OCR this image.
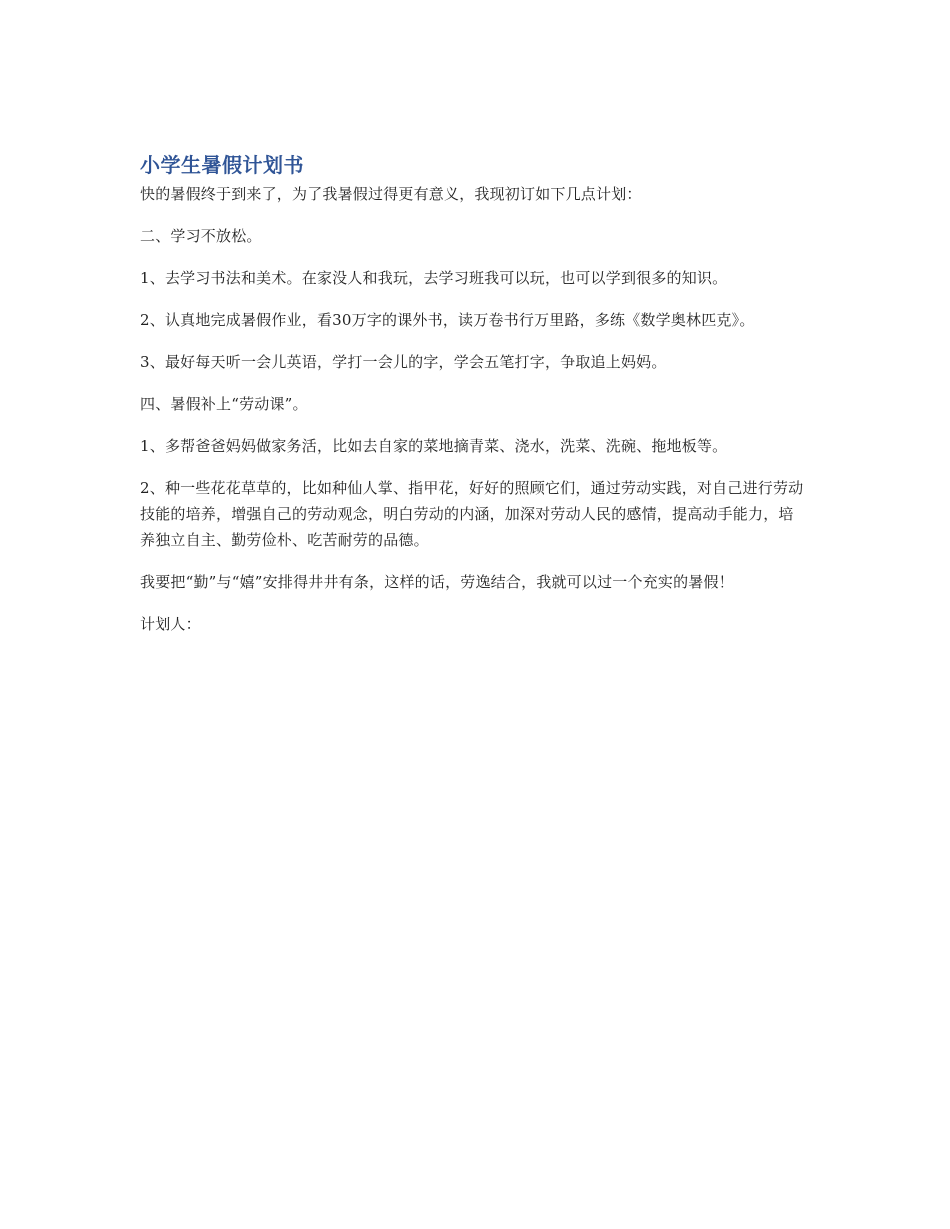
小学生暑假计划书

快的暑假终于到来了，为了我暑假过得更有意义，我现初订如下几点计划：

二、学习不放松。

1、去学习书法和美术。在家没人和我玩，去学习班我可以玩，也可以学到很多的知识。

2、认真地完成暑假作业，看30万字的课外书，读万卷书行万里路，多练《数学奥林匹克》。

3、最好每天听一会儿英语，学打一会儿的字，学会五笔打字，争取追上妈妈。

四、暑假补上“劳动课”。

1、多帮爸爸妈妈做家务活，比如去自家的菜地摘青菜、浇水，洗菜、洗碗、拖地板等。

2、种一些花花草草的，比如种仙人掌、指甲花，好好的照顾它们，通过劳动实践，对自己进行劳动技能的培养，增强自己的劳动观念，明白劳动的内涵，加深对劳动人民的感情，提高动手能力，培养独立自主、勤劳俭朴、吃苦耐劳的品德。

我要把“勤”与“嬉”安排得井井有条，这样的话，劳逸结合，我就可以过一个充实的暑假！

计划人：
